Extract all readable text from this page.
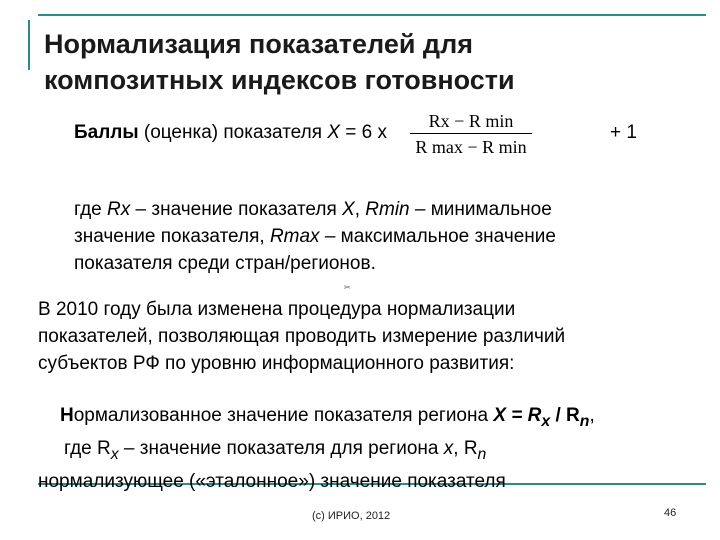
Нормализация показателей для
композитных индексов готовности
Баллы (оценка) показателя X = 6 x
Rx − R min
R max − R min
+ 1
где Rx – значение показателя X, Rmin – минимальное
значение показателя, Rmax – максимальное значение
показателя среди стран/регионов.
✂
В 2010 году была изменена процедура нормализации
показателей, позволяющая проводить измерение различий
субъектов РФ по уровню информационного развития:
Нормализованное значение показателя региона $X = R_x / R_n$,
где $R_x$ – значение показателя для региона x, $R_n$
нормализующее («эталонное») значение показателя
(с) ИРИО, 2012	46
